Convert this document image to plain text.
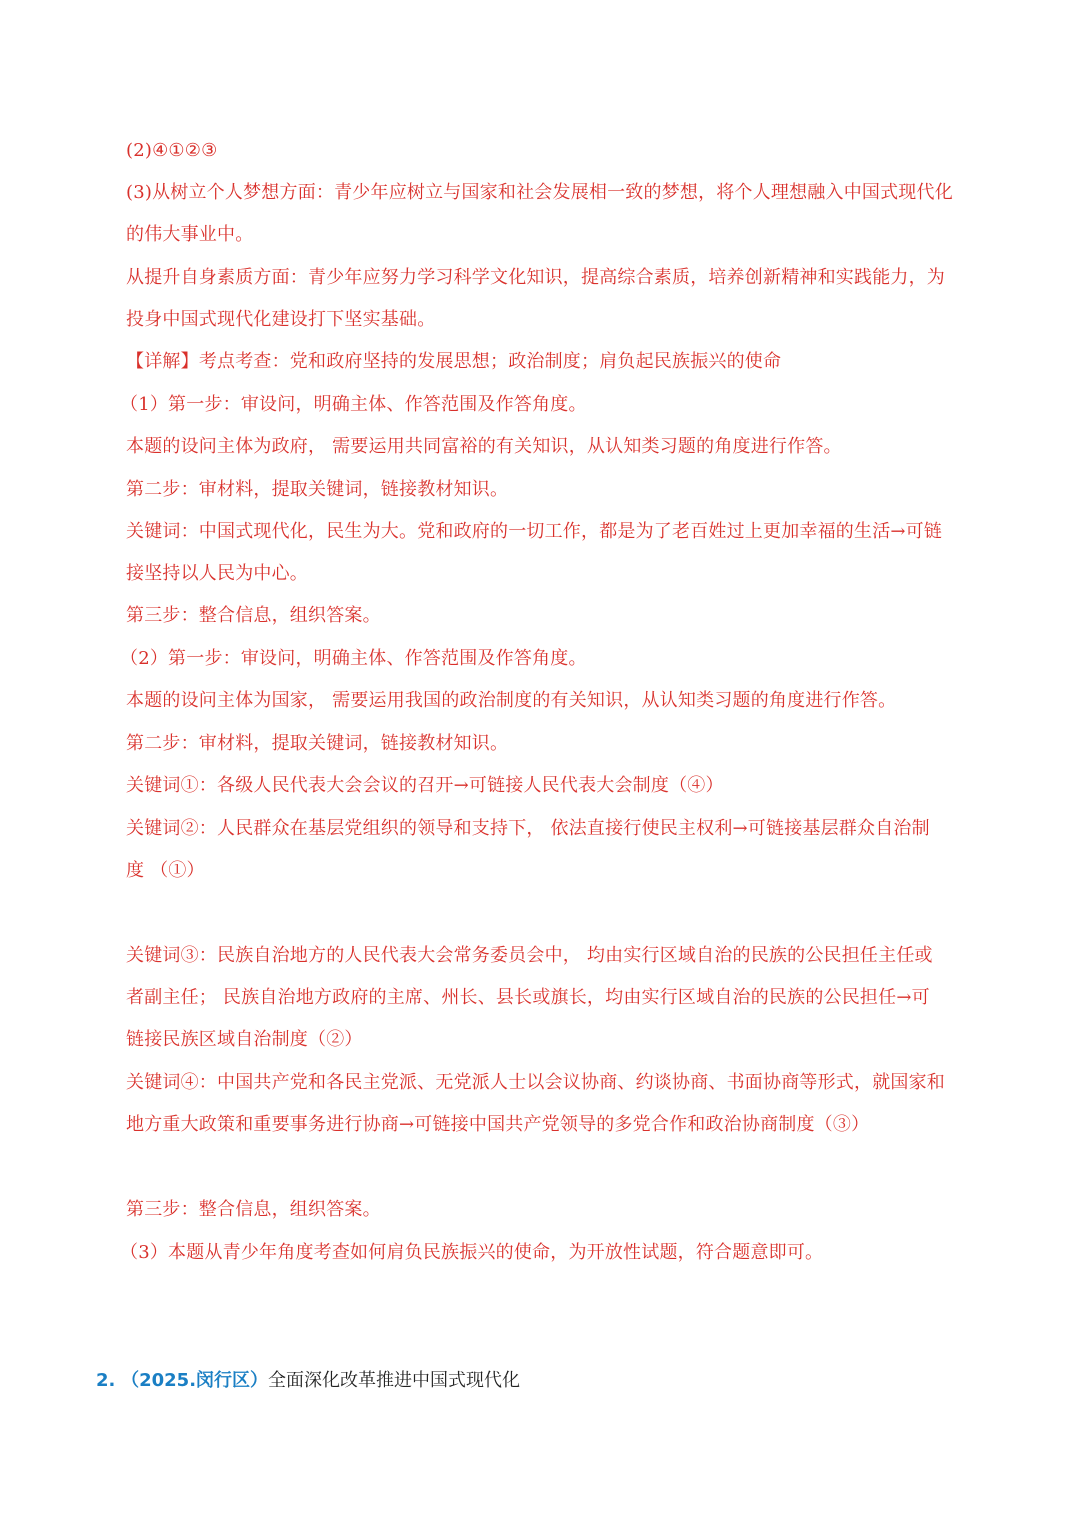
(2)④①②③
(3)从树立个人梦想方面：青少年应树立与国家和社会发展相一致的梦想，将个人理想融入中国式现代化
的伟大事业中。
从提升自身素质方面：青少年应努力学习科学文化知识，提高综合素质，培养创新精神和实践能力，为
投身中国式现代化建设打下坚实基础。
【详解】考点考查：党和政府坚持的发展思想；政治制度；肩负起民族振兴的使命
（1）第一步：审设问，明确主体、作答范围及作答角度。
本题的设问主体为政府， 需要运用共同富裕的有关知识，从认知类习题的角度进行作答。
第二步：审材料，提取关键词，链接教材知识。
关键词：中国式现代化，民生为大。党和政府的一切工作，都是为了老百姓过上更加幸福的生活→可链
接坚持以人民为中心。
第三步：整合信息，组织答案。
（2）第一步：审设问，明确主体、作答范围及作答角度。
本题的设问主体为国家， 需要运用我国的政治制度的有关知识，从认知类习题的角度进行作答。
第二步：审材料，提取关键词，链接教材知识。
关键词①：各级人民代表大会会议的召开→可链接人民代表大会制度（④）
关键词②：人民群众在基层党组织的领导和支持下， 依法直接行使民主权利→可链接基层群众自治制
度 （①）
关键词③：民族自治地方的人民代表大会常务委员会中， 均由实行区域自治的民族的公民担任主任或
者副主任； 民族自治地方政府的主席、州长、县长或旗长，均由实行区域自治的民族的公民担任→可
链接民族区域自治制度（②）
关键词④：中国共产党和各民主党派、无党派人士以会议协商、约谈协商、书面协商等形式，就国家和
地方重大政策和重要事务进行协商→可链接中国共产党领导的多党合作和政治协商制度（③）
第三步：整合信息，组织答案。
（3）本题从青少年角度考查如何肩负民族振兴的使命，为开放性试题，符合题意即可。
2. （2025.闵行区）全面深化改革推进中国式现代化
